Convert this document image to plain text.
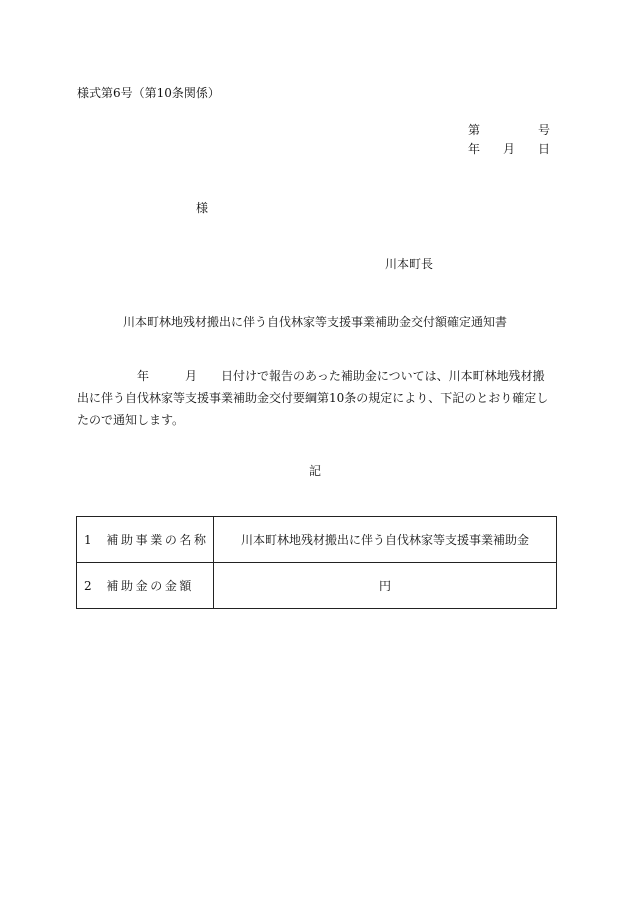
様式第6号（第10条関係）
第	号
年 月 日
様
川本町長
川本町林地残材搬出に伴う自伐林家等支援事業補助金交付額確定通知書
年	月 日付けで報告のあった補助金については、川本町林地残材搬出に伴う自伐林家等支援事業補助金交付要綱第10条の規定により、下記のとおり確定したので通知します。
記
1 補助事業の名称	川本町林地残材搬出に伴う自伐林家等支援事業補助金
2 補助金の金額	円
